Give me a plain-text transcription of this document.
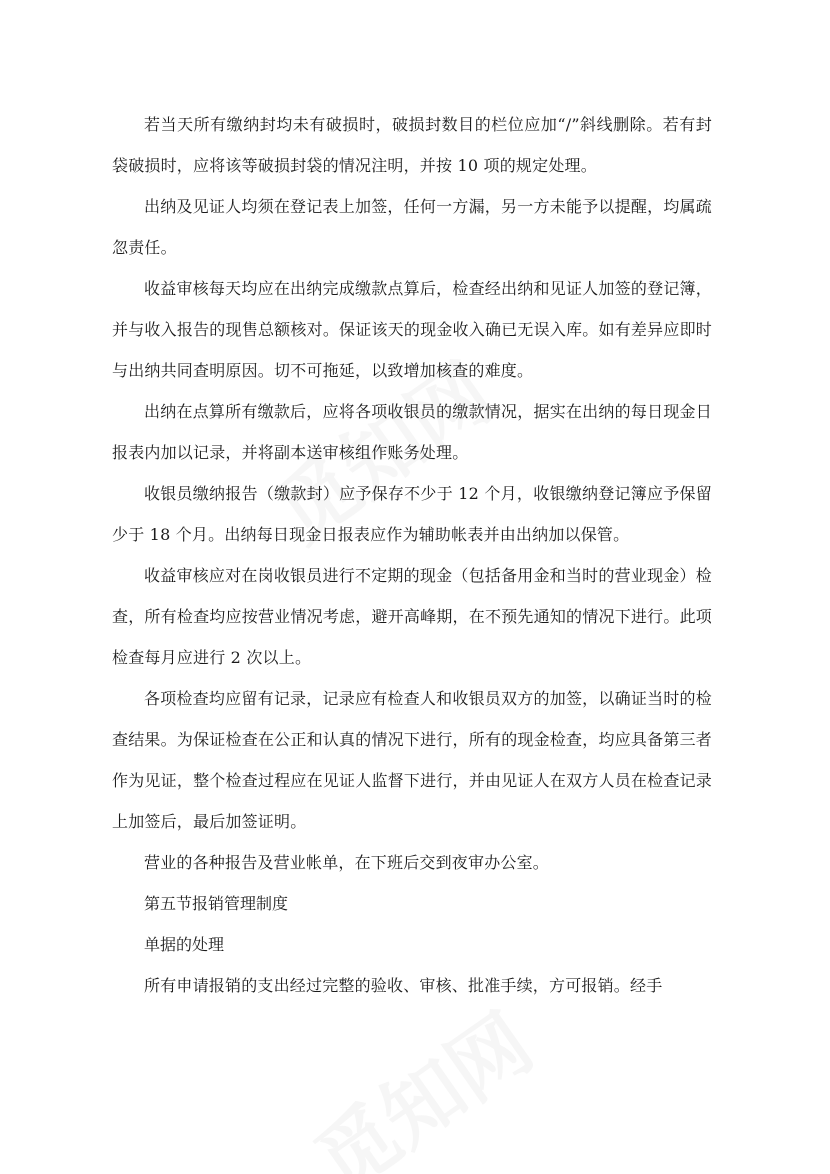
若当天所有缴纳封均未有破损时，破损封数目的栏位应加“/”斜线删除。若有封袋破损时，应将该等破损封袋的情况注明，并按 10 项的规定处理。

出纳及见证人均须在登记表上加签，任何一方漏，另一方未能予以提醒，均属疏忽责任。

收益审核每天均应在出纳完成缴款点算后，检查经出纳和见证人加签的登记簿，并与收入报告的现售总额核对。保证该天的现金收入确已无误入库。如有差异应即时与出纳共同查明原因。切不可拖延，以致增加核查的难度。

出纳在点算所有缴款后，应将各项收银员的缴款情况，据实在出纳的每日现金日报表内加以记录，并将副本送审核组作账务处理。

收银员缴纳报告（缴款封）应予保存不少于 12 个月，收银缴纳登记簿应予保留少于 18 个月。出纳每日现金日报表应作为辅助帐表并由出纳加以保管。

收益审核应对在岗收银员进行不定期的现金（包括备用金和当时的营业现金）检查，所有检查均应按营业情况考虑，避开高峰期，在不预先通知的情况下进行。此项检查每月应进行 2 次以上。

各项检查均应留有记录，记录应有检查人和收银员双方的加签，以确证当时的检查结果。为保证检查在公正和认真的情况下进行，所有的现金检查，均应具备第三者作为见证，整个检查过程应在见证人监督下进行，并由见证人在双方人员在检查记录上加签后，最后加签证明。

营业的各种报告及营业帐单，在下班后交到夜审办公室。

第五节报销管理制度

单据的处理

所有申请报销的支出经过完整的验收、审核、批准手续，方可报销。经手
